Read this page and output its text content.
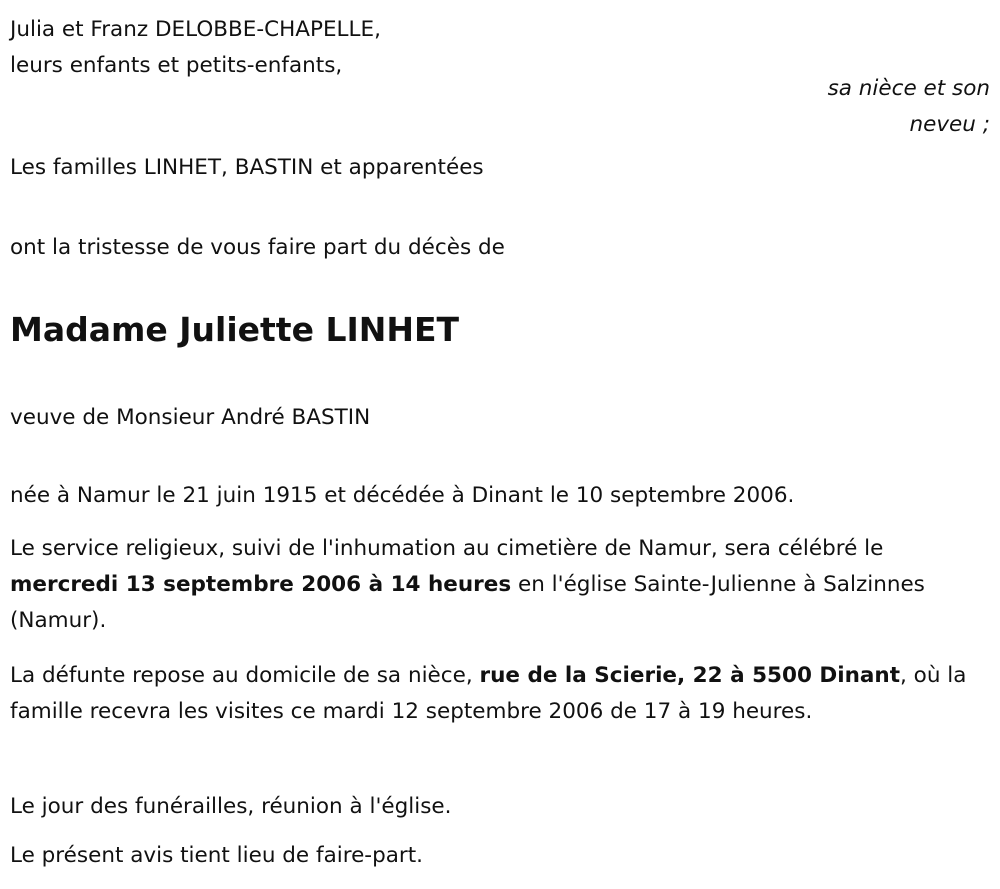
Julia et Franz DELOBBE-CHAPELLE,
leurs enfants et petits-enfants,
sa nièce et son
neveu ;
Les familles LINHET, BASTIN et apparentées
ont la tristesse de vous faire part du décès de
Madame Juliette LINHET
veuve de Monsieur André BASTIN
née à Namur le 21 juin 1915 et décédée à Dinant le 10 septembre 2006.
Le service religieux, suivi de l'inhumation au cimetière de Namur, sera célébré le mercredi 13 septembre 2006 à 14 heures en l'église Sainte-Julienne à Salzinnes (Namur).
La défunte repose au domicile de sa nièce, rue de la Scierie, 22 à 5500 Dinant, où la famille recevra les visites ce mardi 12 septembre 2006 de 17 à 19 heures.
Le jour des funérailles, réunion à l'église.
Le présent avis tient lieu de faire-part.
